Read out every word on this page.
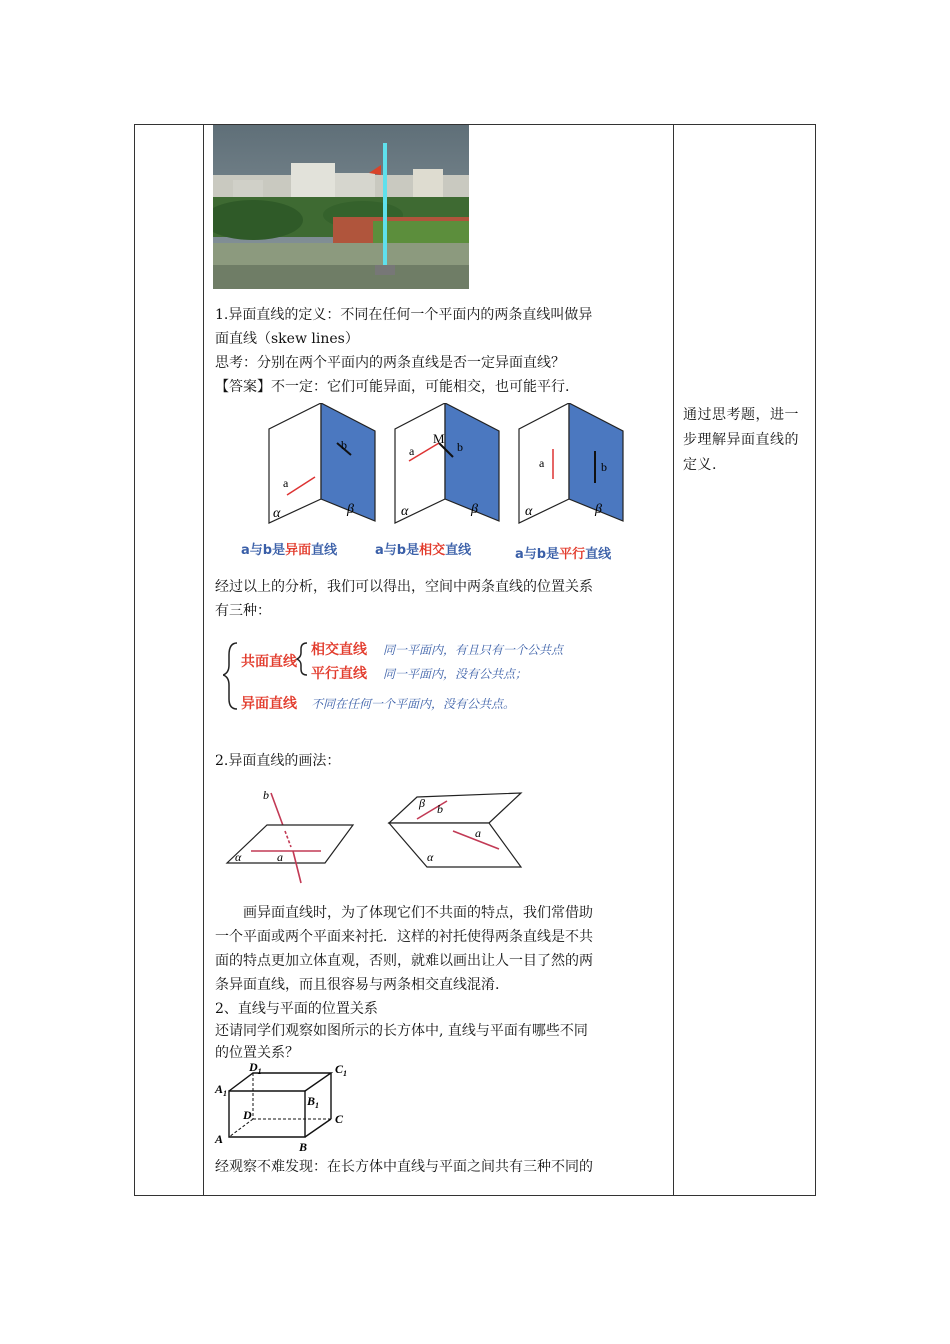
1.异面直线的定义：不同在任何一个平面内的两条直线叫做异
面直线（skew lines）
思考：分别在两个平面内的两条直线是否一定异面直线？
【答案】不一定：它们可能异面，可能相交，也可能平行.
a
b
α	β
a
M
b
α	β
a	b
α	β
a与b是异面直线	a与b是相交直线	a与b是平行直线
经过以上的分析，我们可以得出，空间中两条直线的位置关系
有三种：
共面直线
相交直线 同一平面内，有且只有一个公共点
平行直线 同一平面内，没有公共点；
异面直线 不同在任何一个平面内，没有公共点。
2.异面直线的画法：
b
a
α
β b
a
α
画异面直线时，为了体现它们不共面的特点，我们常借助
一个平面或两个平面来衬托．这样的衬托使得两条直线是不共
面的特点更加立体直观，否则，就难以画出让人一目了然的两
条异面直线，而且很容易与两条相交直线混淆.
2、直线与平面的位置关系
还请同学们观察如图所示的长方体中, 直线与平面有哪些不同
的位置关系？
$A_1$
$D_1$	$C_1$
$B_1$
D	C
A
B
经观察不难发现：在长方体中直线与平面之间共有三种不同的
通过思考题，进一步理解异面直线的定义.
